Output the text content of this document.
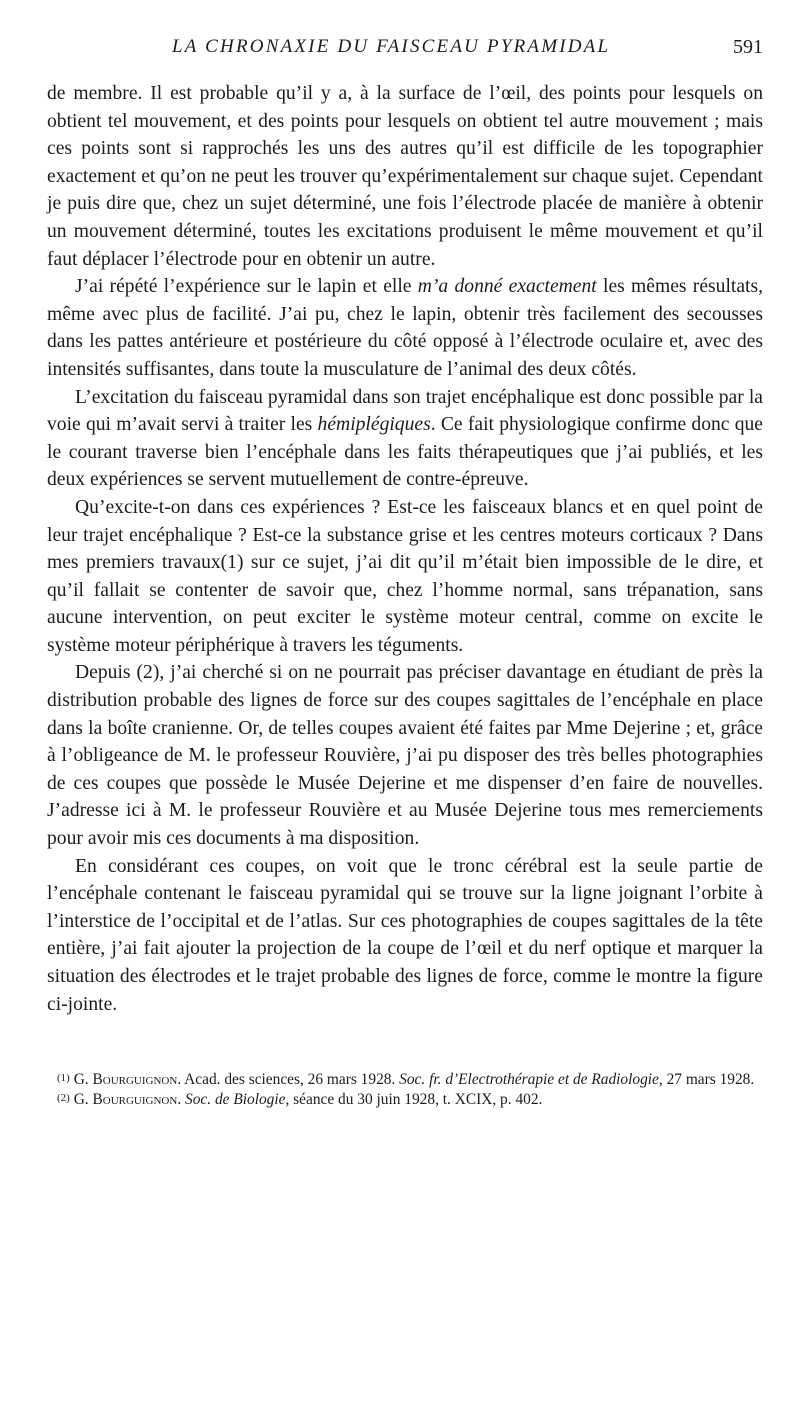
LA CHRONAXIE DU FAISCEAU PYRAMIDAL	591

de membre. Il est probable qu’il y a, à la surface de l’œil, des points pour lesquels on obtient tel mouvement, et des points pour lesquels on obtient tel autre mouvement ; mais ces points sont si rapprochés les uns des autres qu’il est difficile de les topographier exactement et qu’on ne peut les trouver qu’expérimentalement sur chaque sujet. Cependant je puis dire que, chez un sujet déterminé, une fois l’électrode placée de manière à obtenir un mouvement déterminé, toutes les excitations produisent le même mouvement et qu’il faut déplacer l’électrode pour en obtenir un autre.

J’ai répété l’expérience sur le lapin et elle m’a donné exactement les mêmes résultats, même avec plus de facilité. J’ai pu, chez le lapin, obtenir très facilement des secousses dans les pattes antérieure et postérieure du côté opposé à l’électrode oculaire et, avec des intensités suffisantes, dans toute la musculature de l’animal des deux côtés.

L’excitation du faisceau pyramidal dans son trajet encéphalique est donc possible par la voie qui m’avait servi à traiter les hémiplégiques. Ce fait physiologique confirme donc que le courant traverse bien l’encéphale dans les faits thérapeutiques que j’ai publiés, et les deux expériences se servent mutuellement de contre-épreuve.

Qu’excite-t-on dans ces expériences ? Est-ce les faisceaux blancs et en quel point de leur trajet encéphalique ? Est-ce la substance grise et les centres moteurs corticaux ? Dans mes premiers travaux(1) sur ce sujet, j’ai dit qu’il m’était bien impossible de le dire, et qu’il fallait se contenter de savoir que, chez l’homme normal, sans trépanation, sans aucune intervention, on peut exciter le système moteur central, comme on excite le système moteur périphérique à travers les téguments.

Depuis (2), j’ai cherché si on ne pourrait pas préciser davantage en étudiant de près la distribution probable des lignes de force sur des coupes sagittales de l’encéphale en place dans la boîte cranienne. Or, de telles coupes avaient été faites par Mme Dejerine ; et, grâce à l’obligeance de M. le professeur Rouvière, j’ai pu disposer des très belles photographies de ces coupes que possède le Musée Dejerine et me dispenser d’en faire de nouvelles. J’adresse ici à M. le professeur Rouvière et au Musée Dejerine tous mes remerciements pour avoir mis ces documents à ma disposition.

En considérant ces coupes, on voit que le tronc cérébral est la seule partie de l’encéphale contenant le faisceau pyramidal qui se trouve sur la ligne joignant l’orbite à l’interstice de l’occipital et de l’atlas. Sur ces photographies de coupes sagittales de la tête entière, j’ai fait ajouter la projection de la coupe de l’œil et du nerf optique et marquer la situation des électrodes et le trajet probable des lignes de force, comme le montre la figure ci-jointe.

$^{(1)}$ G. Bourguignon. Acad. des sciences, 26 mars 1928. Soc. fr. d’Electrothérapie et de Radiologie, 27 mars 1928.

$^{(2)}$ G. Bourguignon. Soc. de Biologie, séance du 30 juin 1928, t. XCIX, p. 402.
